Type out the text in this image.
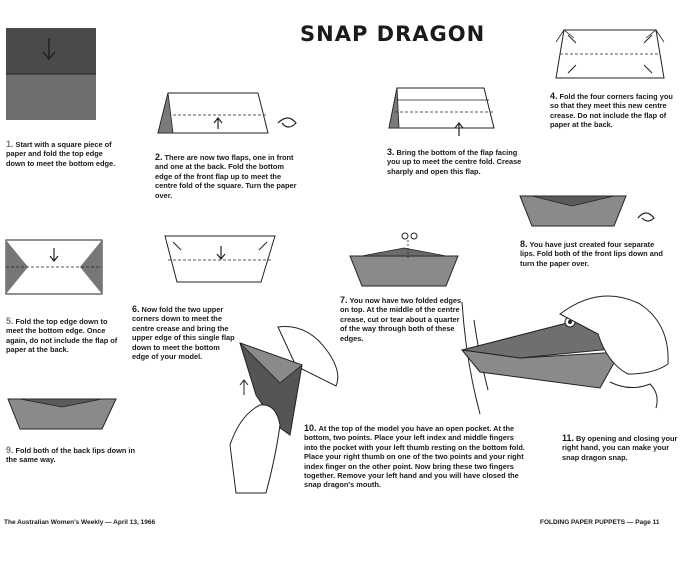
SNAP DRAGON
1. Start with a square piece of paper and fold the top edge down to meet the bottom edge.
2. There are now two flaps, one in front and one at the back. Fold the bottom edge of the front flap up to meet the centre fold of the square. Turn the paper over.
3. Bring the bottom of the flap facing you up to meet the centre fold. Crease sharply and open this flap.
4. Fold the four corners facing you so that they meet this new centre crease. Do not include the flap of paper at the back.
5. Fold the top edge down to meet the bottom edge. Once again, do not include the flap of paper at the back.
6. Now fold the two upper corners down to meet the centre crease and bring the upper edge of this single flap down to meet the bottom edge of your model.
7. You now have two folded edges on top. At the middle of the centre crease, cut or tear about a quarter of the way through both of these edges.
8. You have just created four separate lips. Fold both of the front lips down and turn the paper over.
9. Fold both of the back lips down in the same way.
10. At the top of the model you have an open pocket. At the bottom, two points. Place your left index and middle fingers into the pocket with your left thumb resting on the bottom fold. Place your right thumb on one of the two points and your right index finger on the other point. Now bring these two fingers together. Remove your left hand and you will have closed the snap dragon's mouth.
11. By opening and closing your right hand, you can make your snap dragon snap.
The Australian Women's Weekly — April 13, 1966	FOLDING PAPER PUPPETS — Page 11
